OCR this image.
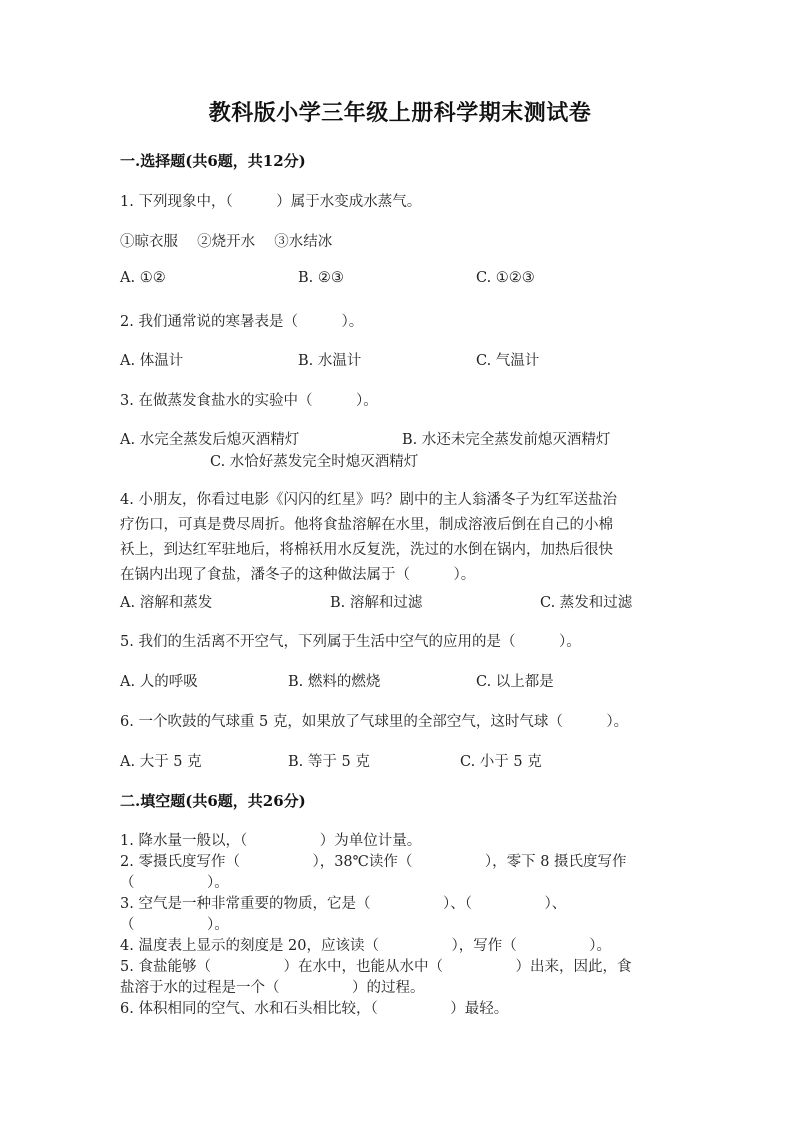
教科版小学三年级上册科学期末测试卷
一.选择题(共6题，共12分)
1. 下列现象中，（　　　）属于水变成水蒸气。
①晾衣服　 ②烧开水　 ③水结冰
A. ①②	B. ②③	C. ①②③
2. 我们通常说的寒暑表是（　　　）。
A. 体温计	B. 水温计	C. 气温计
3. 在做蒸发食盐水的实验中（　　　）。
A. 水完全蒸发后熄灭酒精灯	B. 水还未完全蒸发前熄灭酒精灯
C. 水恰好蒸发完全时熄灭酒精灯
4. 小朋友，你看过电影《闪闪的红星》吗？剧中的主人翁潘冬子为红军送盐治
疗伤口，可真是费尽周折。他将食盐溶解在水里，制成溶液后倒在自己的小棉
袄上，到达红军驻地后，将棉袄用水反复洗，洗过的水倒在锅内，加热后很快
在锅内出现了食盐，潘冬子的这种做法属于（　　　）。
A. 溶解和蒸发	B. 溶解和过滤	C. 蒸发和过滤
5. 我们的生活离不开空气，下列属于生活中空气的应用的是（　　　）。
A. 人的呼吸	B. 燃料的燃烧	C. 以上都是
6. 一个吹鼓的气球重 5 克，如果放了气球里的全部空气，这时气球（　　　）。
A. 大于 5 克	B. 等于 5 克	C. 小于 5 克
二.填空题(共6题，共26分)
1. 降水量一般以，（　　　　　）为单位计量。
2. 零摄氏度写作（　　　　　），38℃读作（　　　　　），零下 8 摄氏度写作
（　　　　　）。
3. 空气是一种非常重要的物质，它是（　　　　　）、（　　　　　）、
（　　　　　）。
4. 温度表上显示的刻度是 20，应该读（　　　　　），写作（　　　　　）。
5. 食盐能够（　　　　　）在水中，也能从水中（　　　　　）出来，因此，食
盐溶于水的过程是一个（　　　　　）的过程。
6. 体积相同的空气、水和石头相比较，（　　　　　）最轻。
